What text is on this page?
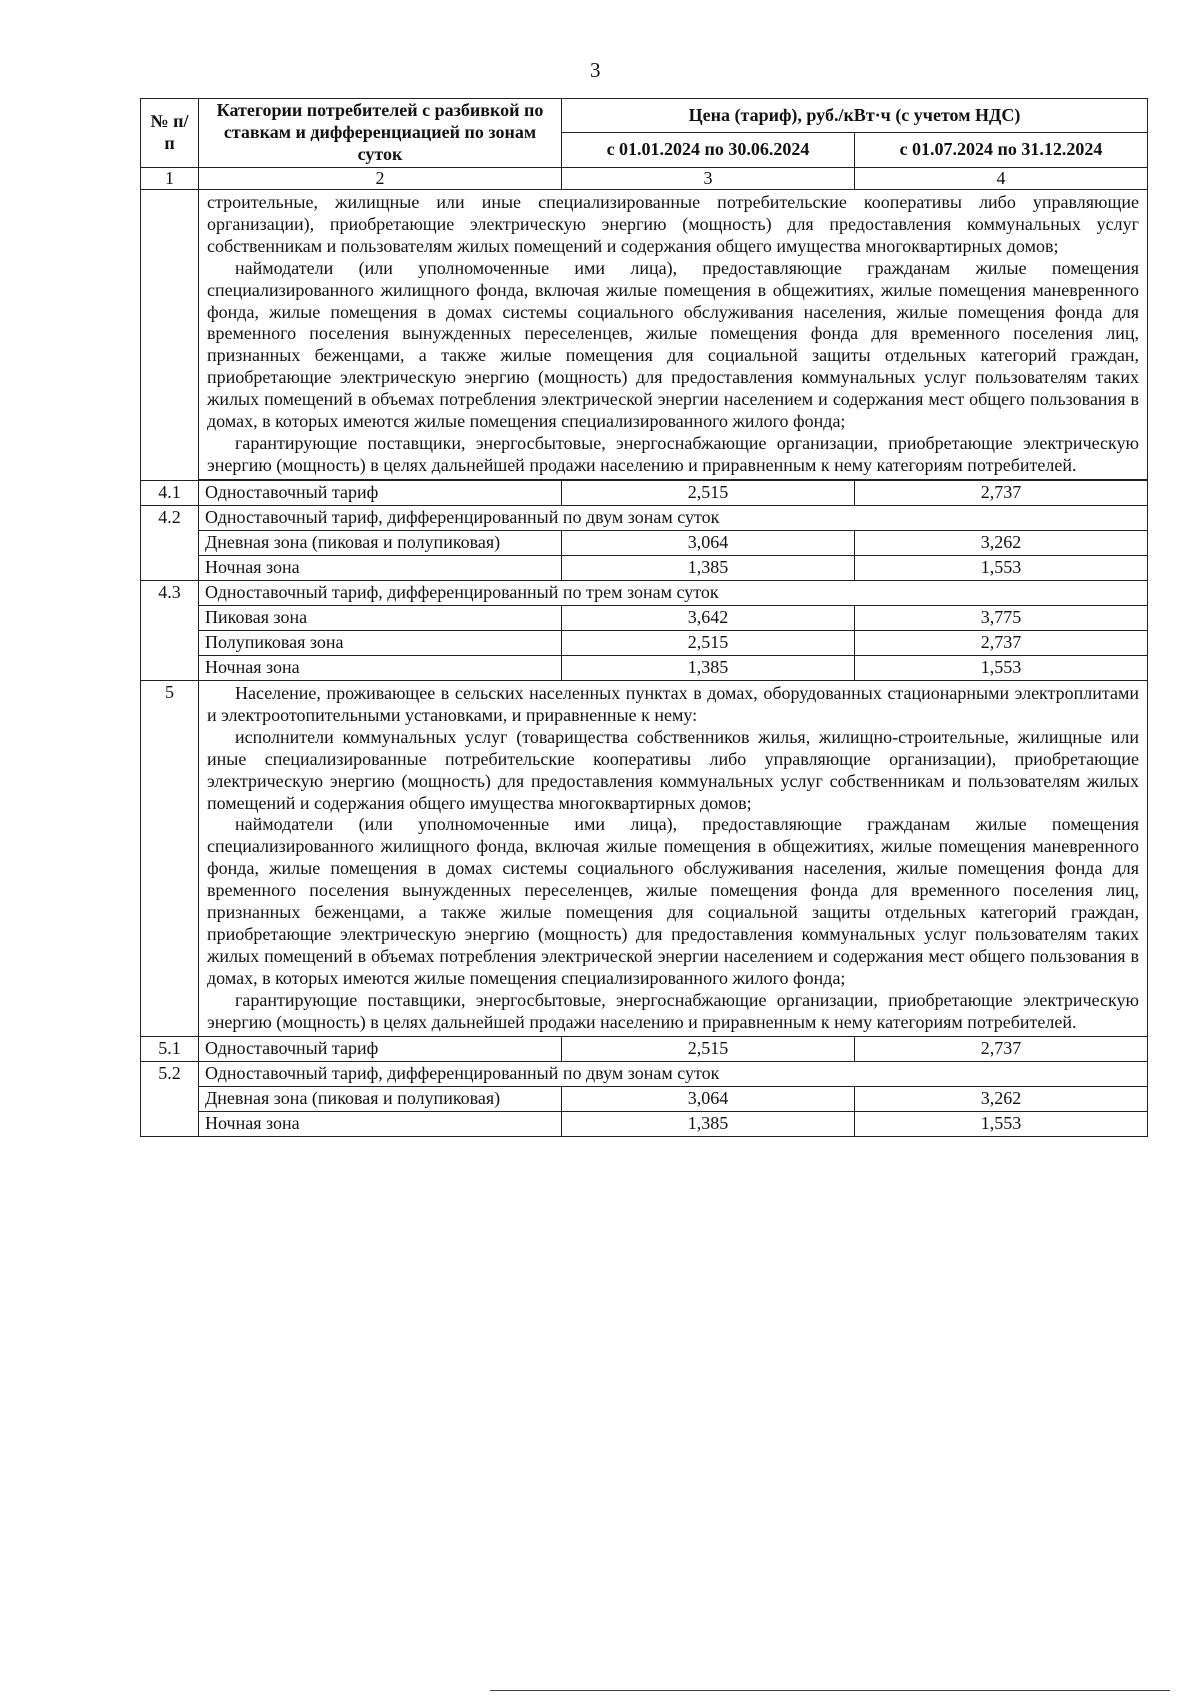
3
№ п/п	Категории потребителей с разбивкой по ставкам и дифференциацией по зонам суток	Цена (тариф), руб./кВт·ч (с учетом НДС)	
		с 01.01.2024 по 30.06.2024	с 01.07.2024 по 31.12.2024
1	2	3	4

	строительные, жилищные или иные специализированные потребительские кооперативы либо управляющие организации), приобретающие электрическую энергию (мощность) для предоставления коммунальных услуг собственникам и пользователям жилых помещений и содержания общего имущества многоквартирных домов;

наймодатели (или уполномоченные ими лица), предоставляющие гражданам жилые помещения специализированного жилищного фонда, включая жилые помещения в общежитиях, жилые помещения маневренного фонда, жилые помещения в домах системы социального обслуживания населения, жилые помещения фонда для временного поселения вынужденных переселенцев, жилые помещения фонда для временного поселения лиц, признанных беженцами, а также жилые помещения для социальной защиты отдельных категорий граждан, приобретающие электрическую энергию (мощность) для предоставления коммунальных услуг пользователям таких жилых помещений в объемах потребления электрической энергии населением и содержания мест общего пользования в домах, в которых имеются жилые помещения специализированного жилого фонда;

гарантирующие поставщики, энергосбытовые, энергоснабжающие организации, приобретающие электрическую энергию (мощность) в целях дальнейшей продажи населению и приравненным к нему категориям потребителей.		

4.1	Одноставочный тариф	2,515	2,737
4.2	Одноставочный тариф, дифференцированный по двум зонам суток		
	Дневная зона (пиковая и полупиковая)	3,064	3,262
	Ночная зона	1,385	1,553
4.3	Одноставочный тариф, дифференцированный по трем зонам суток		
	Пиковая зона	3,642	3,775
	Полупиковая зона	2,515	2,737
	Ночная зона	1,385	1,553
5	Население, проживающее в сельских населенных пунктах в домах, оборудованных стационарными электроплитами и электроотопительными установками, и приравненные к нему:

исполнители коммунальных услуг (товарищества собственников жилья, жилищно-строительные, жилищные или иные специализированные потребительские кооперативы либо управляющие организации), приобретающие электрическую энергию (мощность) для предоставления коммунальных услуг собственникам и пользователям жилых помещений и содержания общего имущества многоквартирных домов;

наймодатели (или уполномоченные ими лица), предоставляющие гражданам жилые помещения специализированного жилищного фонда, включая жилые помещения в общежитиях, жилые помещения маневренного фонда, жилые помещения в домах системы социального обслуживания населения, жилые помещения фонда для временного поселения вынужденных переселенцев, жилые помещения фонда для временного поселения лиц, признанных беженцами, а также жилые помещения для социальной защиты отдельных категорий граждан, приобретающие электрическую энергию (мощность) для предоставления коммунальных услуг пользователям таких жилых помещений в объемах потребления электрической энергии населением и содержания мест общего пользования в домах, в которых имеются жилые помещения специализированного жилого фонда;

гарантирующие поставщики, энергосбытовые, энергоснабжающие организации, приобретающие электрическую энергию (мощность) в целях дальнейшей продажи населению и приравненным к нему категориям потребителей.		

5.1	Одноставочный тариф	2,515	2,737
5.2	Одноставочный тариф, дифференцированный по двум зонам суток		
	Дневная зона (пиковая и полупиковая)	3,064	3,262
	Ночная зона	1,385	1,553
